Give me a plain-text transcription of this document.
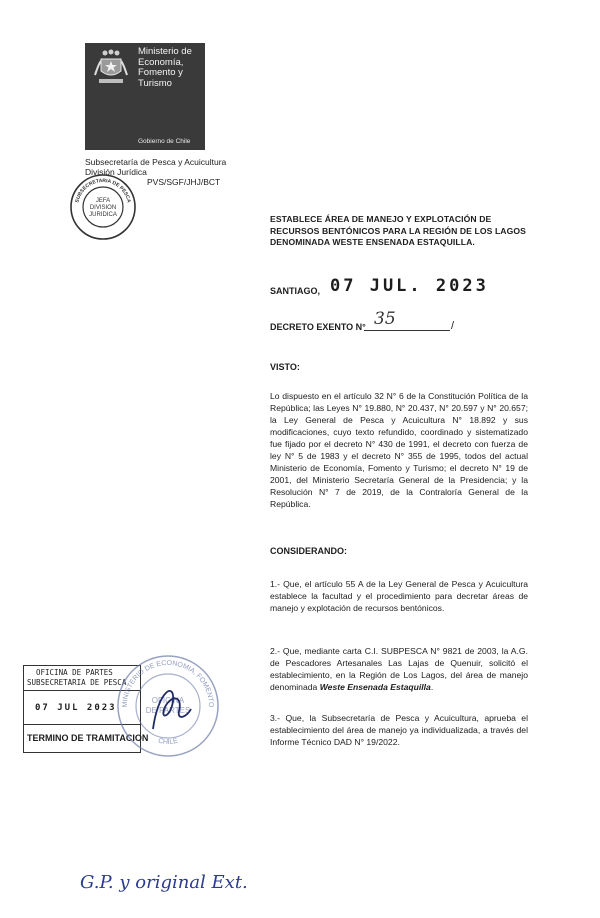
Ministerio de
Economía,
Fomento y
Turismo
Gobierno de Chile
Subsecretaría de Pesca y Acuicultura
División Jurídica
PVS/SGF/JHJ/BCT
SUBSECRETARIA DE PESCA
JEFA
DIVISION
JURIDICA	ESTABLECE ÁREA DE MANEJO Y EXPLOTACIÓN DE
RECURSOS BENTÓNICOS PARA LA REGIÓN DE LOS LAGOS
DENOMINADA WESTE ENSENADA ESTAQUILLA.
SANTIAGO, 07 JUL. 2023
DECRETO EXENTO N° 35	/
VISTO:
Lo dispuesto en el artículo 32 N° 6 de la Constitución Política de la República; las Leyes N° 19.880, N° 20.437, N° 20.597 y N° 20.657; la Ley General de Pesca y Acuicultura N° 18.892 y sus modificaciones, cuyo texto refundido, coordinado y sistematizado fue fijado por el decreto N° 430 de 1991, el decreto con fuerza de ley N° 5 de 1983 y el decreto N° 355 de 1995, todos del actual Ministerio de Economía, Fomento y Turismo; el decreto N° 19 de 2001, del Ministerio Secretaría General de la Presidencia; y la Resolución N° 7 de 2019, de la Contraloría General de la República.
CONSIDERANDO:
1.- Que, el artículo 55 A de la Ley General de Pesca y Acuicultura establece la facultad y el procedimiento para decretar áreas de manejo y explotación de recursos bentónicos.
2.- Que, mediante carta C.I. SUBPESCA N° 9821 de 2003, la A.G. de Pescadores Artesanales Las Lajas de Quenuir, solicitó el establecimiento, en la Región de Los Lagos, del área de manejo denominada Weste Ensenada Estaquilla.
3.- Que, la Subsecretaría de Pesca y Acuicultura, aprueba el establecimiento del área de manejo ya individualizada, a través del Informe Técnico DAD N° 19/2022.
OFICINA DE PARTES
SUBSECRETARIA DE PESCA
07 JUL 2023
TERMINO DE TRAMITACION
MINISTERIO DE ECONOMIA, FOMENTO
CHILE
OFICINA
DE PARTES
G.P. y original Ext.
